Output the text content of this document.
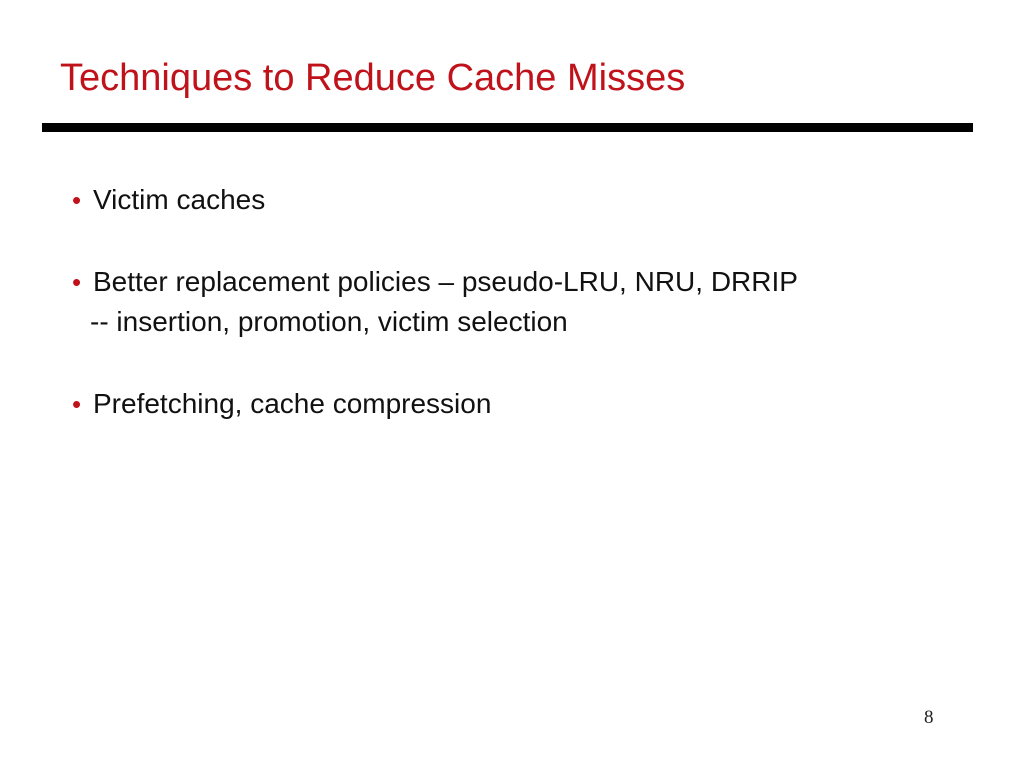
Techniques to Reduce Cache Misses
• Victim caches
• Better replacement policies – pseudo-LRU, NRU, DRRIP
-- insertion, promotion, victim selection
• Prefetching, cache compression
8
